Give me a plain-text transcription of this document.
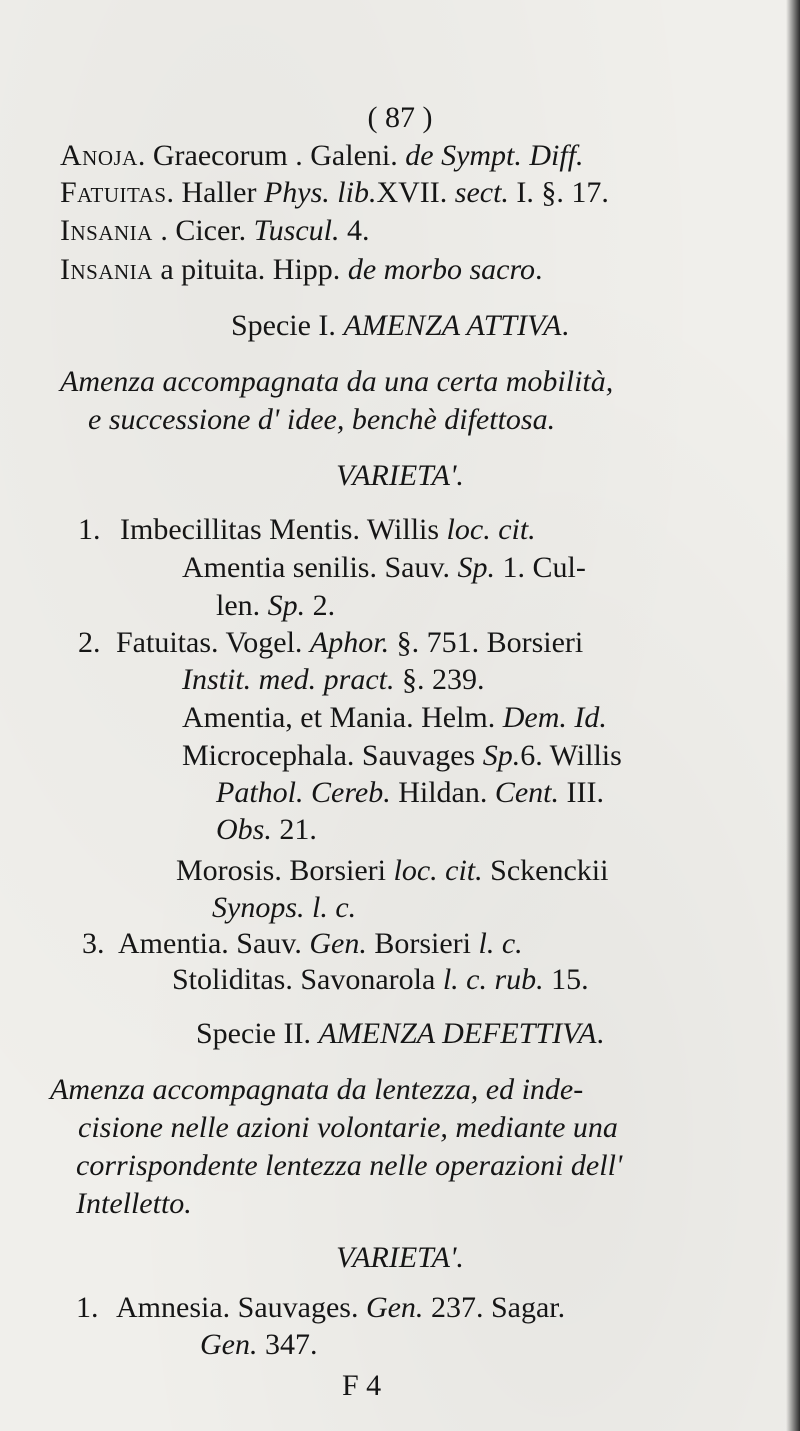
( 87 )
Anoja. Graecorum . Galeni. de Sympt. Diff.
Fatuitas. Haller Phys. lib.XVII. sect. I. §. 17.
Insania . Cicer. Tuscul. 4.
Insania a pituita. Hipp. de morbo sacro.
Specie I. AMENZA ATTIVA.
Amenza accompagnata da una certa mobilità,
e successione d' idee, benchè difettosa.
VARIETA'.
1. Imbecillitas Mentis. Willis loc. cit.
Amentia senilis. Sauv. Sp. 1. Cul-
len. Sp. 2.
2. Fatuitas. Vogel. Aphor. §. 751. Borsieri
Instit. med. pract. §. 239.
Amentia, et Mania. Helm. Dem. Id.
Microcephala. Sauvages Sp.6. Willis
Pathol. Cereb. Hildan. Cent. III.
Obs. 21.
Morosis. Borsieri loc. cit. Sckenckii
Synops. l. c.
3. Amentia. Sauv. Gen. Borsieri l. c.
Stoliditas. Savonarola l. c. rub. 15.
Specie II. AMENZA DEFETTIVA.
Amenza accompagnata da lentezza, ed inde-
cisione nelle azioni volontarie, mediante una
corrispondente lentezza nelle operazioni dell'
Intelletto.
VARIETA'.
1. Amnesia. Sauvages. Gen. 237. Sagar.
Gen. 347.
F 4
